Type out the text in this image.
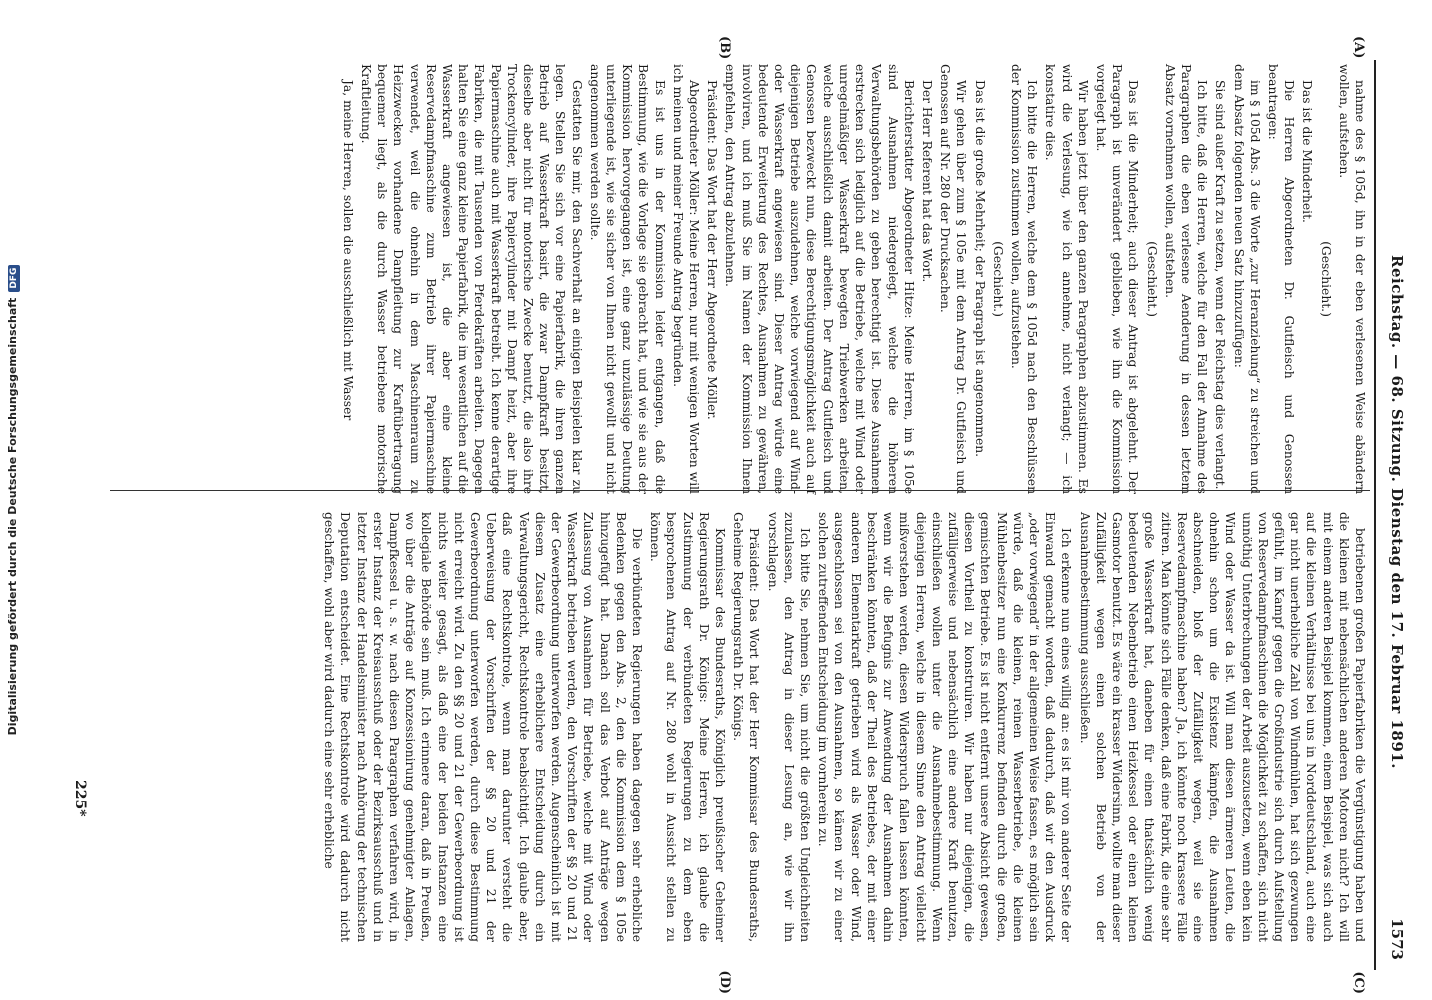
Reichstag. — 68. Sitzung. Dienstag den 17. Februar 1891.
1573
(A)
(B)
(C)
(D)

nahme des § 105d, ihn in der eben verlesenen Weise abändern wollen, aufstehen.

(Geschieht.)

Das ist die Minderheit.

Die Herren Abgeordneten Dr. Gutfleisch und Genossen beantragen:

im § 105d Abs. 3 die Worte „zur Heranziehung“ zu streichen und dem Absatz folgenden neuen Satz hinzuzufügen:

Sie sind außer Kraft zu setzen, wenn der Reichstag dies verlangt.

Ich bitte, daß die Herren, welche für den Fall der Annahme des Paragraphen die eben verlesene Aenderung in dessen letztem Absatz vornehmen wollen, aufstehen.

(Geschieht.)

Das ist die Minderheit; auch dieser Antrag ist abgelehnt. Der Paragraph ist unverändert geblieben, wie ihn die Kommission vorgelegt hat.

Wir haben jetzt über den ganzen Paragraphen abzustimmen. Es wird die Verlesung, wie ich annehme, nicht verlangt; — ich konstatire dies.

Ich bitte die Herren, welche dem § 105d nach den Beschlüssen der Kommission zustimmen wollen, aufzustehen.

(Geschieht.)

Das ist die große Mehrheit; der Paragraph ist angenommen.

Wir gehen über zum § 105e mit dem Antrag Dr. Gutfleisch und Genossen auf Nr. 280 der Drucksachen.

Der Herr Referent hat das Wort.

Berichterstatter Abgeordneter Hitze: Meine Herren, im § 105e sind Ausnahmen niedergelegt, welche die höheren Verwaltungsbehörden zu geben berechtigt ist. Diese Ausnahmen erstrecken sich lediglich auf die Betriebe, welche mit Wind oder unregelmäßiger Wasserkraft bewegten Triebwerken arbeiten, welche ausschließlich damit arbeiten. Der Antrag Gutfleisch und Genossen bezweckt nun, diese Berechtigungsmöglichkeit auch auf diejenigen Betriebe auszudehnen, welche vorwiegend auf Wind- oder Wasserkraft angewiesen sind. Dieser Antrag würde eine bedeutende Erweiterung des Rechtes, Ausnahmen zu gewähren, involviren, und ich muß Sie im Namen der Kommission Ihnen empfehlen, den Antrag abzulehnen.

Präsident: Das Wort hat der Herr Abgeordnete Möller.

Abgeordneter Möller: Meine Herren, nur mit wenigen Worten will ich meinen und meiner Freunde Antrag begründen.

Es ist uns in der Kommission leider entgangen, daß die Bestimmung, wie die Vorlage sie gebracht hat, und wie sie aus der Kommission hervorgegangen ist, eine ganz unzulässige Deutung unterliegende ist, wie sie sicher von Ihnen nicht gewollt und nicht angenommen werden sollte.

Gestatten Sie mir, den Sachverhalt an einigen Beispielen klar zu legen. Stellen Sie sich vor eine Papierfabrik, die ihren ganzen Betrieb auf Wasserkraft basirt, die zwar Dampfkraft besitzt, dieselbe aber nicht für motorische Zwecke benutzt, die also ihre Trockencylinder, ihre Papiercylinder mit Dampf heizt, aber ihre Papiermaschine auch mit Wasserkraft betreibt. Ich kenne derartige Fabriken, die mit Tausenden von Pferdekräften arbeiten. Dagegen halten Sie eine ganz kleine Papierfabrik, die im wesentlichen auf die Wasserkraft angewiesen ist, die aber eine kleine Reservedampfmaschine zum Betrieb ihrer Papiermaschine verwendet, weil die ohnehin in dem Maschinenraum zu Heizzwecken vorhandene Dampfleitung zur Kraftübertragung bequemer liegt, als die durch Wasser betriebene motorische Kraftleitung.

Ja, meine Herren, sollen die ausschließlich mit Wasser

betriebenen großen Papierfabriken die Vergünstigung haben und die kleinen mit nebensächlichen anderen Motoren nicht? Ich will mit einem anderen Beispiel kommen, einem Beispiel, was sich auch auf die kleinen Verhältnisse bei uns in Norddeutschland, auch eine gar nicht unerhebliche Zahl von Windmühlen, hat sich gezwungen gefühlt, im Kampf gegen die Großindustrie sich durch Aufstellung von Reservedampfmaschinen die Möglichkeit zu schaffen, sich nicht unnöthig Unterbrechungen der Arbeit auszusetzen, wenn eben kein Wind oder Wasser da ist. Will man diesen ärmeren Leuten, die ohnehin schon um die Existenz kämpfen, die Ausnahmen abschneiden, bloß der Zufälligkeit wegen, weil sie eine Reservedampfmaschine haben? Ja, ich könnte noch krassere Fälle zitiren. Man könnte sich Fälle denken, daß eine Fabrik, die eine sehr große Wasserkraft hat, daneben für einen thatsächlich wenig bedeutenden Nebenbetrieb einen Heizkessel oder einen kleinen Gasmotor benutzt. Es wäre ein krasser Widersinn, wollte man dieser Zufälligkeit wegen einen solchen Betrieb von der Ausnahmebestimmung ausschließen.

Ich erkenne nun eines willig an: es ist mir von anderer Seite der Einwand gemacht worden, daß dadurch, daß wir den Ausdruck „oder vorwiegend“ in der allgemeinen Weise fassen, es möglich sein würde, daß die kleinen, reinen Wasserbetriebe, die kleinen Mühlenbesitzer nun eine Konkurrenz befinden durch die großen, gemischten Betriebe. Es ist nicht entfernt unsere Absicht gewesen, diesen Vortheil zu konstruiren. Wir haben nur diejenigen, die zufälligerweise und nebensächlich eine andere Kraft benutzen, einschließen wollen unter die Ausnahmebestimmung. Wenn diejenigen Herren, welche in diesem Sinne den Antrag vielleicht mißverstehen werden, diesen Widerspruch fallen lassen könnten, wenn wir die Befugnis zur Anwendung der Ausnahmen dahin beschränken könnten, daß der Theil des Betriebes, der mit einer anderen Elementarkraft getrieben wird als Wasser oder Wind, ausgeschlossen sei von den Ausnahmen, so kämen wir zu einer solchen zutreffenden Entscheidung im vornherein zu.

Ich bitte Sie, nehmen Sie, um nicht die größten Ungleichheiten zuzulassen, den Antrag in dieser Lesung an, wie wir ihn vorschlagen.

Präsident: Das Wort hat der Herr Kommissar des Bundesraths, Geheime Regierungsrath Dr. Königs.

Kommissar des Bundesraths, Königlich preußischer Geheimer Regierungsrath Dr. Königs: Meine Herren, ich glaube die Zustimmung der verbündeten Regierungen zu dem eben besprochenen Antrag auf Nr. 280 wohl in Aussicht stellen zu können.

Die verbündeten Regierungen haben dagegen sehr erhebliche Bedenken gegen den Abs. 2, den die Kommission dem § 105e hinzugefügt hat. Danach soll das Verbot auf Anträge wegen Zulassung von Ausnahmen für Betriebe, welche mit Wind oder Wasserkraft betrieben werden, den Vorschriften der §§ 20 und 21 der Gewerbeordnung unterworfen werden. Augenscheinlich ist mit diesem Zusatz eine erheblichere Entscheidung durch ein Verwaltungsgericht, Rechtskontrole beabsichtigt. Ich glaube aber, daß eine Rechtskontrole, wenn man darunter versteht die Ueberweisung der Vorschriften der §§ 20 und 21 der Gewerbeordnung unterworfen werden, durch diese Bestimmung nicht erreicht wird. Zu den §§ 20 und 21 der Gewerbeordnung ist nichts weiter gesagt, als daß eine der beiden Instanzen eine kollegiale Behörde sein muß. Ich erinnere daran, daß in Preußen, wo über die Anträge auf Konzessionirung genehmigter Anlagen, Dampfkessel u. s. w. nach diesen Paragraphen verfahren wird, in erster Instanz der Kreisausschuß oder der Bezirksausschuß und in letzter Instanz der Handelsminister nach Anhörung der technischen Deputation entscheidet. Eine Rechtskontrole wird dadurch nicht geschaffen, wohl aber wird dadurch eine sehr erhebliche

225*
Digitalisierung gefördert durch die Deutsche ForschungsgemeinschaftDFG
